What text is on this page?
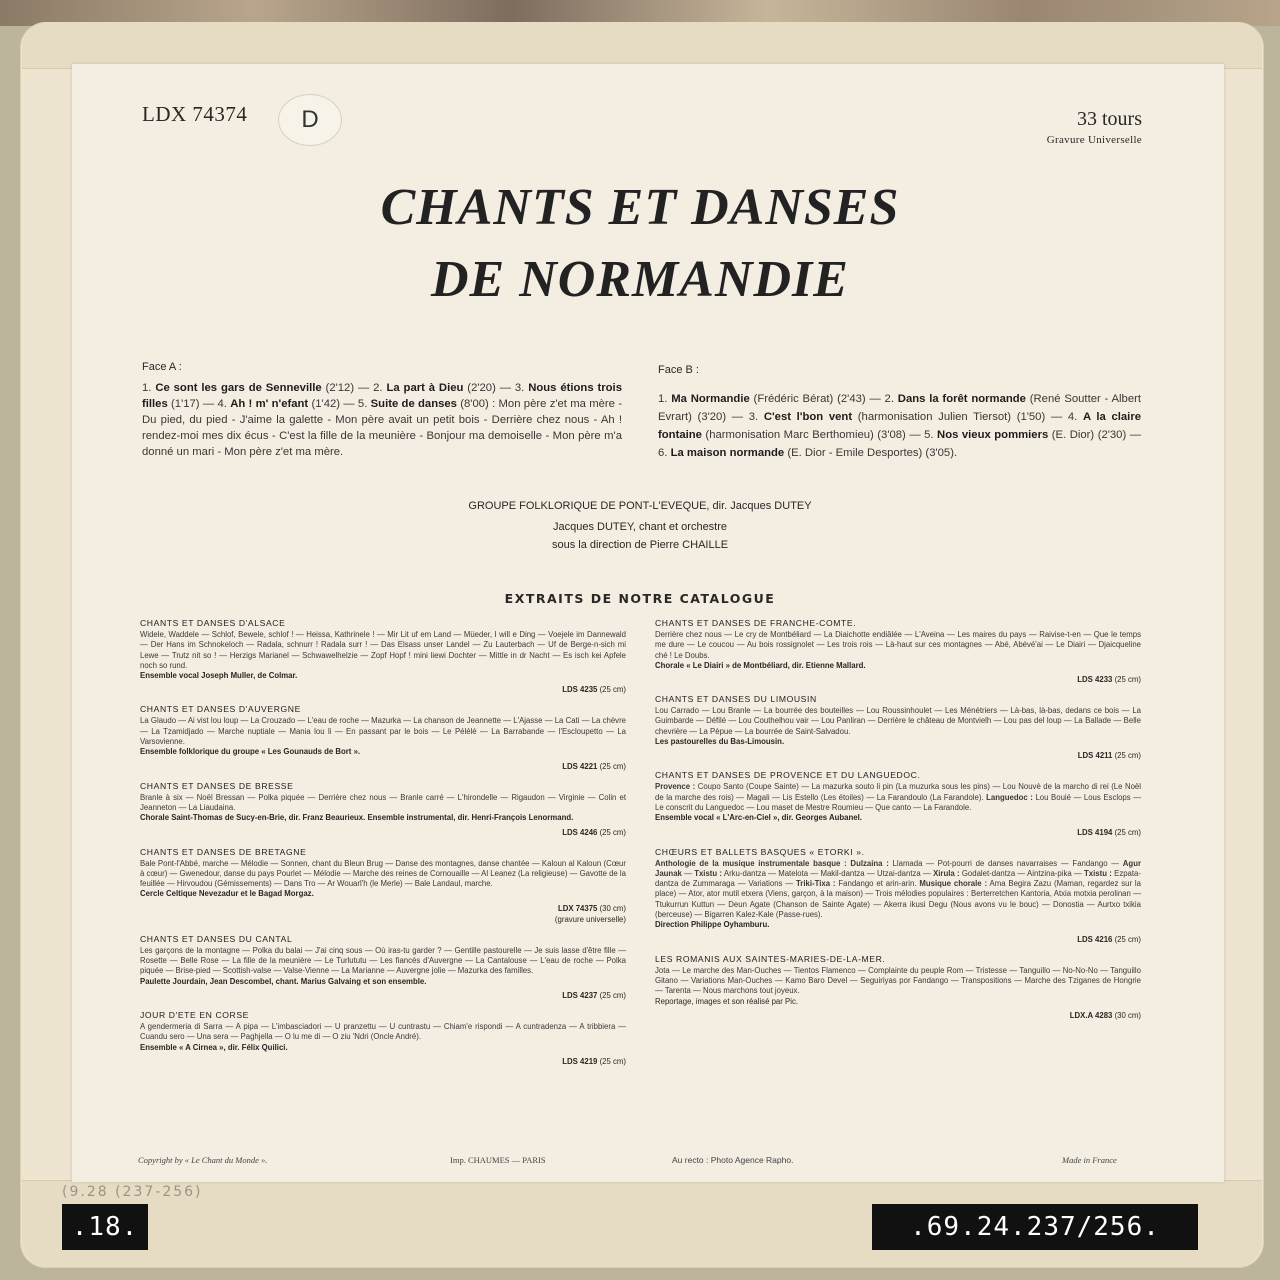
LDX 74374	D	33 tours
Gravure Universelle
CHANTS ET DANSES
DE NORMANDIE
Face A :
1. Ce sont les gars de Senneville (2'12) — 2. La part à Dieu (2'20) — 3. Nous étions trois filles (1'17) — 4. Ah ! m' n'efant (1'42) — 5. Suite de danses (8'00) : Mon père z'et ma mère - Du pied, du pied - J'aime la galette - Mon père avait un petit bois - Derrière chez nous - Ah ! rendez-moi mes dix écus - C'est la fille de la meunière - Bonjour ma demoiselle - Mon père m'a donné un mari - Mon père z'et ma mère.
Face B :
1. Ma Normandie (Frédéric Bérat) (2'43) — 2. Dans la forêt normande (René Soutter - Albert Evrart) (3'20) — 3. C'est l'bon vent (harmonisation Julien Tiersot) (1'50) — 4. A la claire fontaine (harmonisation Marc Berthomieu) (3'08) — 5. Nos vieux pommiers (E. Dior) (2'30) — 6. La maison normande (E. Dior - Emile Desportes) (3'05).
GROUPE FOLKLORIQUE DE PONT-L'EVEQUE, dir. Jacques DUTEY
Jacques DUTEY, chant et orchestre
sous la direction de Pierre CHAILLE
EXTRAITS DE NOTRE CATALOGUE
CHANTS ET DANSES D'ALSACE

Widele, Waddele — Schlof, Bewele, schlof ! — Heissa, Kathrinele ! — Mir Lit uf em Land — Müeder, I will e Ding — Voejele im Dannewald — Der Hans im Schnokeloch — Radala, schnurr ! Radala surr ! — Das Elsass unser Landel — Zu Lauterbach — Uf de Berge-n-sich mi Lewe — Trutz nit so ! — Herzigs Marianel — Schwawelhelzie — Zopf Hopf ! mini liewi Dochter — Mittle in dr Nacht — Es isch kei Apfele noch so rund.

Ensemble vocal Joseph Muller, de Colmar.
LDS 4235 (25 cm)
CHANTS ET DANSES D'AUVERGNE

La Glaudo — Ai vist lou loup — La Crouzado — L'eau de roche — Mazurka — La chanson de Jeannette — L'Ajasse — La Cati — La chèvre — La Tzamidjado — Marche nuptiale — Mania lou li — En passant par le bois — Le Pélélé — La Barrabande — l'Escloupetto — La Varsovienne.

Ensemble folklorique du groupe « Les Gounauds de Bort ».
LDS 4221 (25 cm)
CHANTS ET DANSES DE BRESSE

Branle à six — Noël Bressan — Polka piquée — Derrière chez nous — Branle carré — L'hirondelle — Rigaudon — Virginie — Colin et Jeanneton — La Liaudaina.

Chorale Saint-Thomas de Sucy-en-Brie, dir. Franz Beaurieux. Ensemble instrumental, dir. Henri-François Lenormand.
LDS 4246 (25 cm)
CHANTS ET DANSES DE BRETAGNE

Bale Pont-l'Abbé, marche — Mélodie — Sonnen, chant du Bleun Brug — Danse des montagnes, danse chantée — Kaloun al Kaloun (Cœur à cœur) — Gwenedour, danse du pays Pourlet — Mélodie — Marche des reines de Cornouaille — Al Leanez (La religieuse) — Gavotte de la feuillée — Hirvoudou (Gémissements) — Dans Tro — Ar Wouarl'h (le Merle) — Bale Landaul, marche.

Cercle Celtique Nevezadur et le Bagad Morgaz.
LDX 74375 (30 cm)
(gravure universelle)
CHANTS ET DANSES DU CANTAL

Les garçons de la montagne — Polka du balai — J'ai cinq sous — Où iras-tu garder ? — Gentille pastourelle — Je suis lasse d'être fille — Rosette — Belle Rose — La fille de la meunière — Le Turlututu — Les fiancés d'Auvergne — La Cantalouse — L'eau de roche — Polka piquée — Brise-pied — Scottish-valse — Valse-Vienne — La Marianne — Auvergne jolie — Mazurka des familles.

Paulette Jourdain, Jean Descombel, chant. Marius Galvaing et son ensemble.
LDS 4237 (25 cm)
JOUR D'ETE EN CORSE

A gendermeria di Sarra — A pipa — L'imbasciadori — U pranzettu — U cuntrastu — Chiam'e rispondi — A cuntradenza — A tribbiera — Cuandu sero — Una sera — Paghjella — O lu me di — O ziu 'Ndri (Oncle André).

Ensemble « A Cirnea », dir. Félix Quilici.
LDS 4219 (25 cm)
CHANTS ET DANSES DE FRANCHE-COMTE.

Derrière chez nous — Le cry de Montbéliard — La Diaichotte endiâlée — L'Aveina — Les maires du pays — Raivise-t-en — Que le temps me dure — Le coucou — Au bois rossignolet — Les trois rois — Là-haut sur ces montagnes — Abé, Abévé'ai — Le Diairi — Djaicqueline ché ! Le Doubs.

Chorale « Le Diairi » de Montbéliard, dir. Etienne Mallard.
LDS 4233 (25 cm)
CHANTS ET DANSES DU LIMOUSIN

Lou Carrado — Lou Branle — La bourrée des bouteilles — Lou Roussinhoulet — Les Ménétriers — Là-bas, là-bas, dedans ce bois — La Guimbarde — Défilé — Lou Couthelhou vair — Lou Panliran — Derrière le château de Montvielh — Lou pas del loup — La Ballade — Belle chevrière — La Pèpue — La bourrée de Saint-Salvadou.

Les pastourelles du Bas-Limousin.
LDS 4211 (25 cm)
CHANTS ET DANSES DE PROVENCE ET DU LANGUEDOC.

Provence : Coupo Santo (Coupe Sainte) — La mazurka souto li pin (La muzurka sous les pins) — Lou Nouvè de la marcho di rei (Le Noël de la marche des rois) — Magali — Lis Estello (Les étoiles) — La Farandoulo (La Farandole). Languedoc : Lou Bouié — Lous Esclops — Le conscrit du Languedoc — Lou maset de Mestre Roumieu — Que canto — La Farandole.

Ensemble vocal « L'Arc-en-Ciel », dir. Georges Aubanel.
LDS 4194 (25 cm)
CHŒURS ET BALLETS BASQUES « ETORKI ».

Anthologie de la musique instrumentale basque : Dulzaina : Llamada — Pot-pourri de danses navarraises — Fandango — Agur Jaunak — Txistu : Arku-dantza — Matelota — Makil-dantza — Utzai-dantza — Xirula : Godalet-dantza — Aintzina-pika — Txistu : Ezpata-dantza de Zummaraga — Variations — Triki-Tixa : Fandango et arin-arin. Musique chorale : Ama Begira Zazu (Maman, regardez sur la place) — Ator, ator mutil etxera (Viens, garçon, à la maison) — Trois mélodies populaires : Berterretchen Kantoria, Atxia motxia perolinan — Ttukurrun Kuttun — Deun Agate (Chanson de Sainte Agate) — Akerra ikusi Degu (Nous avons vu le bouc) — Donostia — Aurtxo txikia (berceuse) — Bigarren Kalez-Kale (Passe-rues).

Direction Philippe Oyhamburu.
LDS 4216 (25 cm)
LES ROMANIS AUX SAINTES-MARIES-DE-LA-MER.

Jota — Le marche des Man-Ouches — Tientos Flamenco — Complainte du peuple Rom — Tristesse — Tanguillo — No-No-No — Tanguillo Gitano — Variations Man-Ouches — Kamo Baro Devel — Seguiriyas por Fandango — Transpositions — Marche des Tziganes de Hongrie — Tarenta — Nous marchons tout joyeux.

Reportage, images et son réalisé par Pic.
LDX.A 4283 (30 cm)
Copyright by « Le Chant du Monde ».	Imp. CHAUMES — PARIS	Au recto : Photo Agence Rapho.	Made in France
(9.28 (237-256)
.18.	.69.24.237/256.
